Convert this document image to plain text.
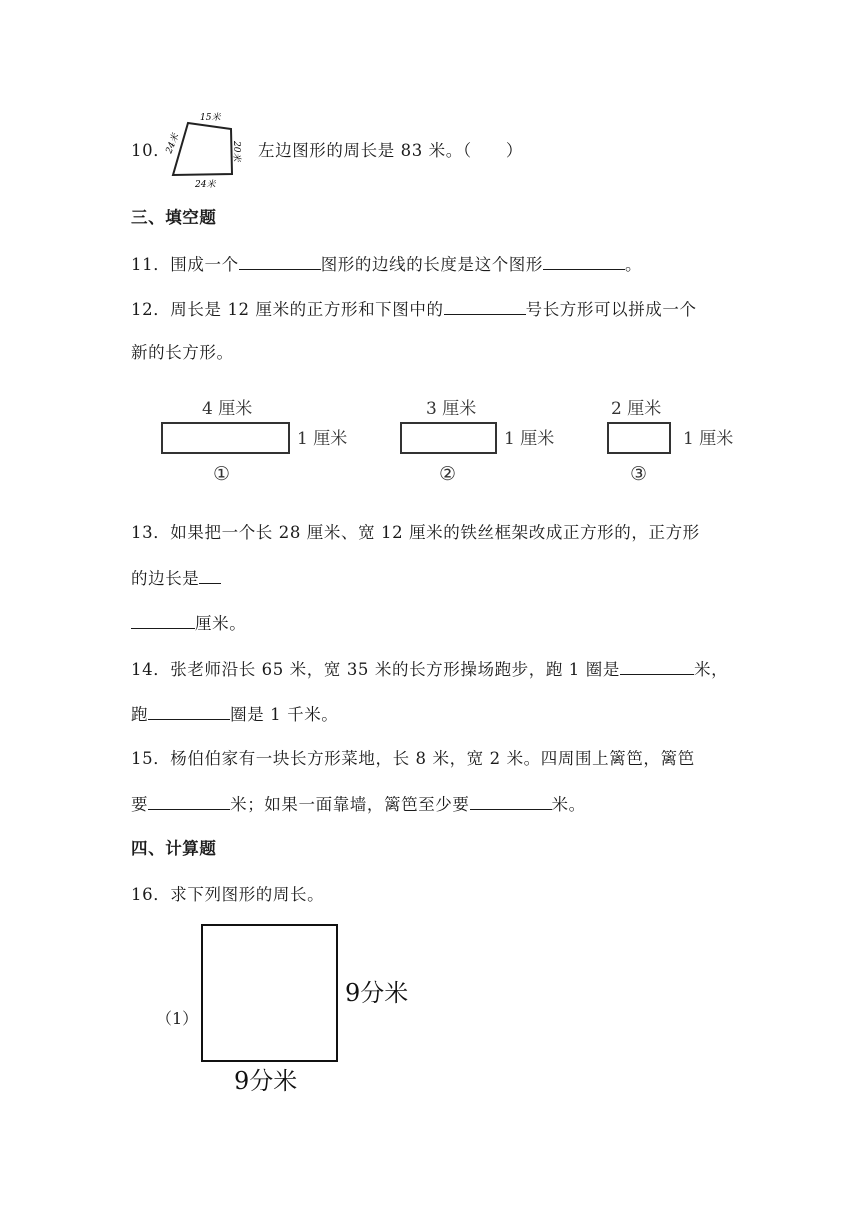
10．
15米
20米
24米
24米
左边图形的周长是 83 米。（　　）
三、填空题
11．围成一个	图形的边线的长度是这个图形	。
12．周长是 12 厘米的正方形和下图中的	号长方形可以拼成一个
新的长方形。
4 厘米
1 厘米
①
3 厘米
1 厘米
②
2 厘米
1 厘米
③
13．如果把一个长 28 厘米、宽 12 厘米的铁丝框架改成正方形的，正方形
的边长是
厘米。
14．张老师沿长 65 米，宽 35 米的长方形操场跑步，跑 1 圈是	米，
跑	圈是 1 千米。
15．杨伯伯家有一块长方形菜地，长 8 米，宽 2 米。四周围上篱笆，篱笆
要	米；如果一面靠墙，篱笆至少要	米。
四、计算题
16．求下列图形的周长。
（1）
9分米
9分米
